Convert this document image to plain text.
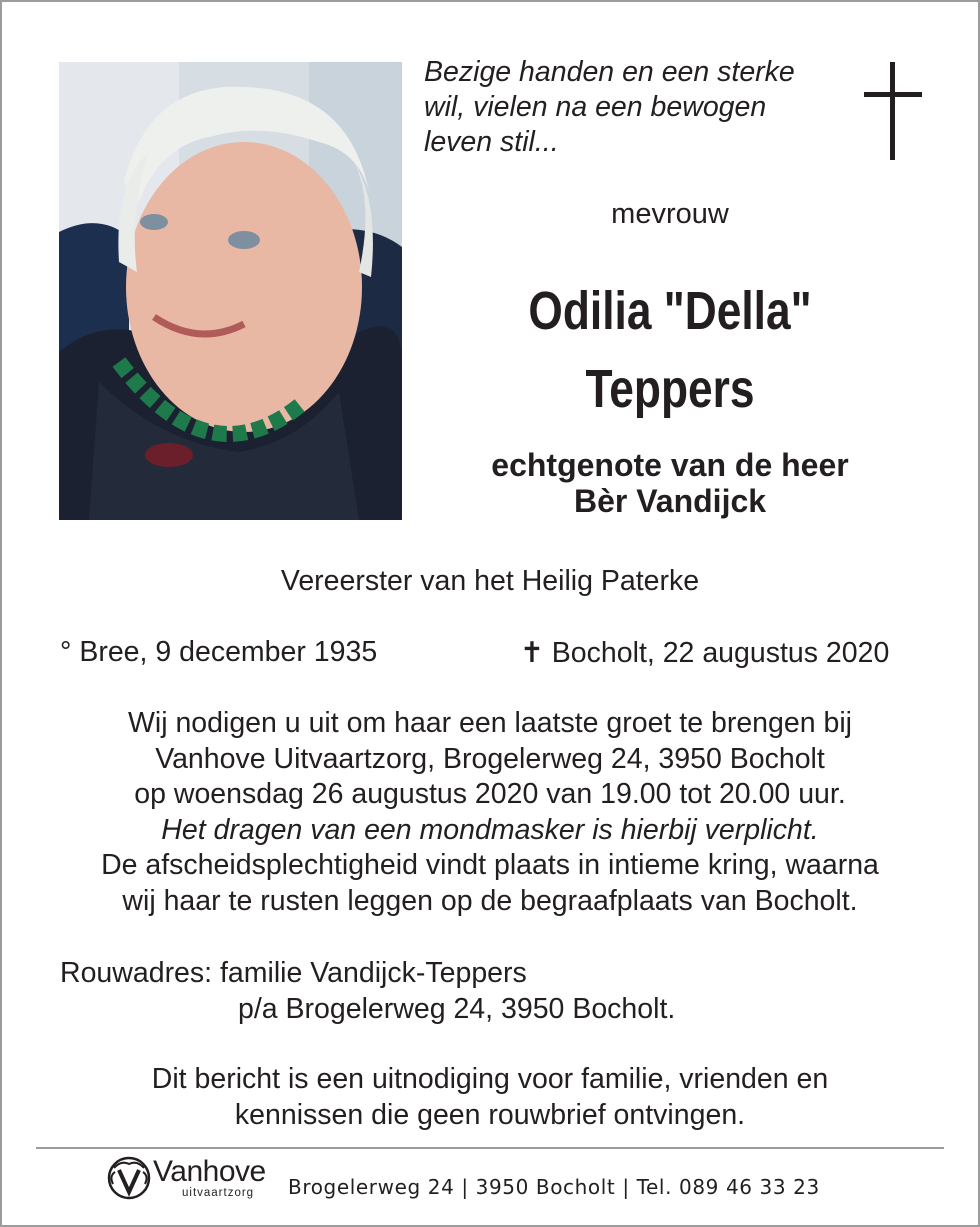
Bezige handen en een sterke
wil, vielen na een bewogen
leven stil...
mevrouw
Odilia "Della"
Teppers
echtgenote van de heer
Bèr Vandijck
Vereerster van het Heilig Paterke
° Bree, 9 december 1935	✝ Bocholt, 22 augustus 2020
Wij nodigen u uit om haar een laatste groet te brengen bij
Vanhove Uitvaartzorg, Brogelerweg 24, 3950 Bocholt
op woensdag 26 augustus 2020 van 19.00 tot 20.00 uur.
Het dragen van een mondmasker is hierbij verplicht.
De afscheidsplechtigheid vindt plaats in intieme kring, waarna
wij haar te rusten leggen op de begraafplaats van Bocholt.
Rouwadres: familie Vandijck-Teppers
p/a Brogelerweg 24, 3950 Bocholt.
Dit bericht is een uitnodiging voor familie, vrienden en
kennissen die geen rouwbrief ontvingen.
Vanhove
uitvaartzorg Brogelerweg 24 | 3950 Bocholt | Tel. 089 46 33 23
